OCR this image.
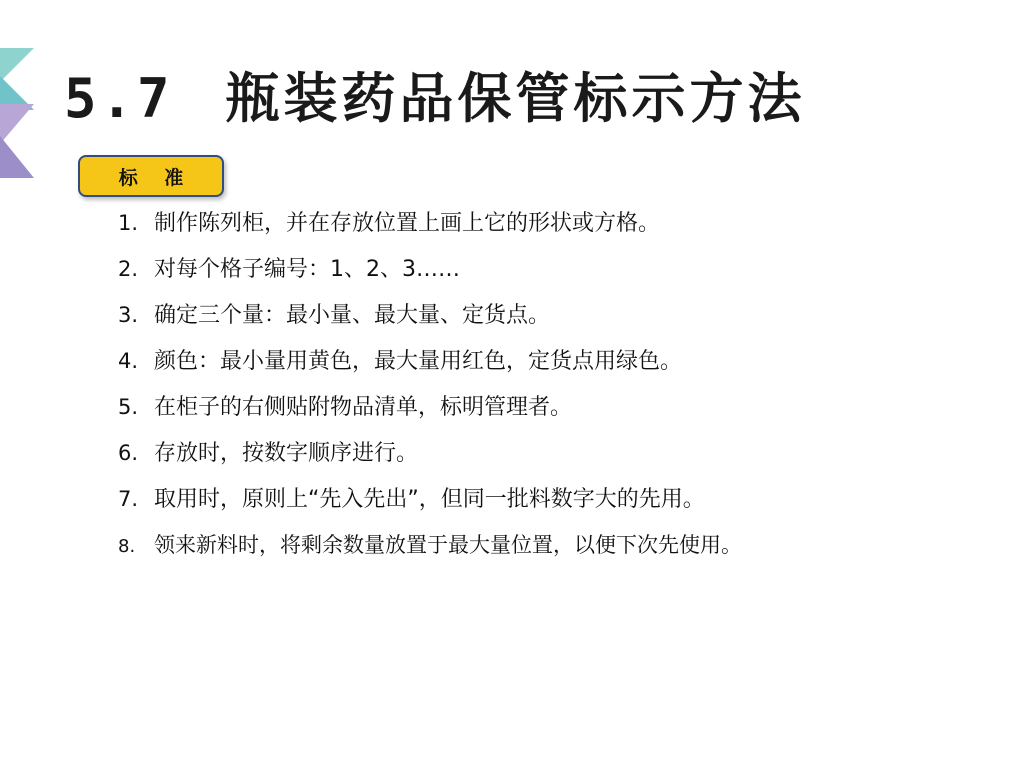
5.7 瓶装药品保管标示方法
标 准
1. 制作陈列柜，并在存放位置上画上它的形状或方格。
2. 对每个格子编号：1、2、3……
3. 确定三个量：最小量、最大量、定货点。
4. 颜色：最小量用黄色，最大量用红色，定货点用绿色。
5. 在柜子的右侧贴附物品清单，标明管理者。
6. 存放时，按数字顺序进行。
7. 取用时，原则上“先入先出”，但同一批料数字大的先用。
8. 领来新料时，将剩余数量放置于最大量位置，以便下次先使用。
